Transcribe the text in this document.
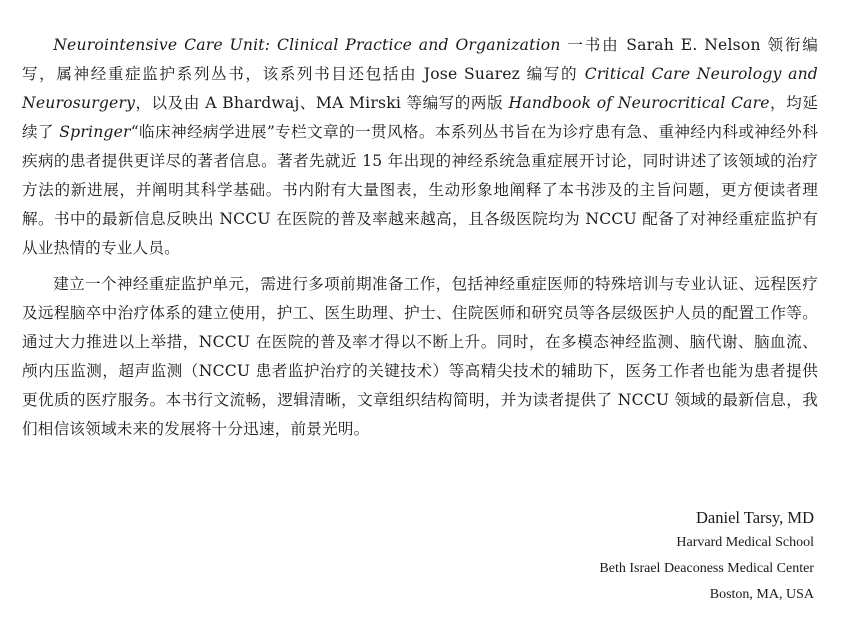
Neurointensive Care Unit: Clinical Practice and Organization 一书由 Sarah E. Nelson 领衔编写，属神经重症监护系列丛书，该系列书目还包括由 Jose Suarez 编写的 Critical Care Neurology and Neurosurgery，以及由 A Bhardwaj、MA Mirski 等编写的两版 Handbook of Neurocritical Care，均延续了 Springer“临床神经病学进展”专栏文章的一贯风格。本系列丛书旨在为诊疗患有急、重神经内科或神经外科疾病的患者提供更详尽的著者信息。著者先就近 15 年出现的神经系统急重症展开讨论，同时讲述了该领域的治疗方法的新进展，并阐明其科学基础。书内附有大量图表，生动形象地阐释了本书涉及的主旨问题，更方便读者理解。书中的最新信息反映出 NCCU 在医院的普及率越来越高，且各级医院均为 NCCU 配备了对神经重症监护有从业热情的专业人员。

建立一个神经重症监护单元，需进行多项前期准备工作，包括神经重症医师的特殊培训与专业认证、远程医疗及远程脑卒中治疗体系的建立使用，护工、医生助理、护士、住院医师和研究员等各层级医护人员的配置工作等。通过大力推进以上举措，NCCU 在医院的普及率才得以不断上升。同时，在多模态神经监测、脑代谢、脑血流、颅内压监测，超声监测（NCCU 患者监护治疗的关键技术）等高精尖技术的辅助下，医务工作者也能为患者提供更优质的医疗服务。本书行文流畅，逻辑清晰，文章组织结构简明，并为读者提供了 NCCU 领域的最新信息，我们相信该领域未来的发展将十分迅速，前景光明。

Daniel Tarsy, MD
Harvard Medical School
Beth Israel Deaconess Medical Center
Boston, MA, USA
